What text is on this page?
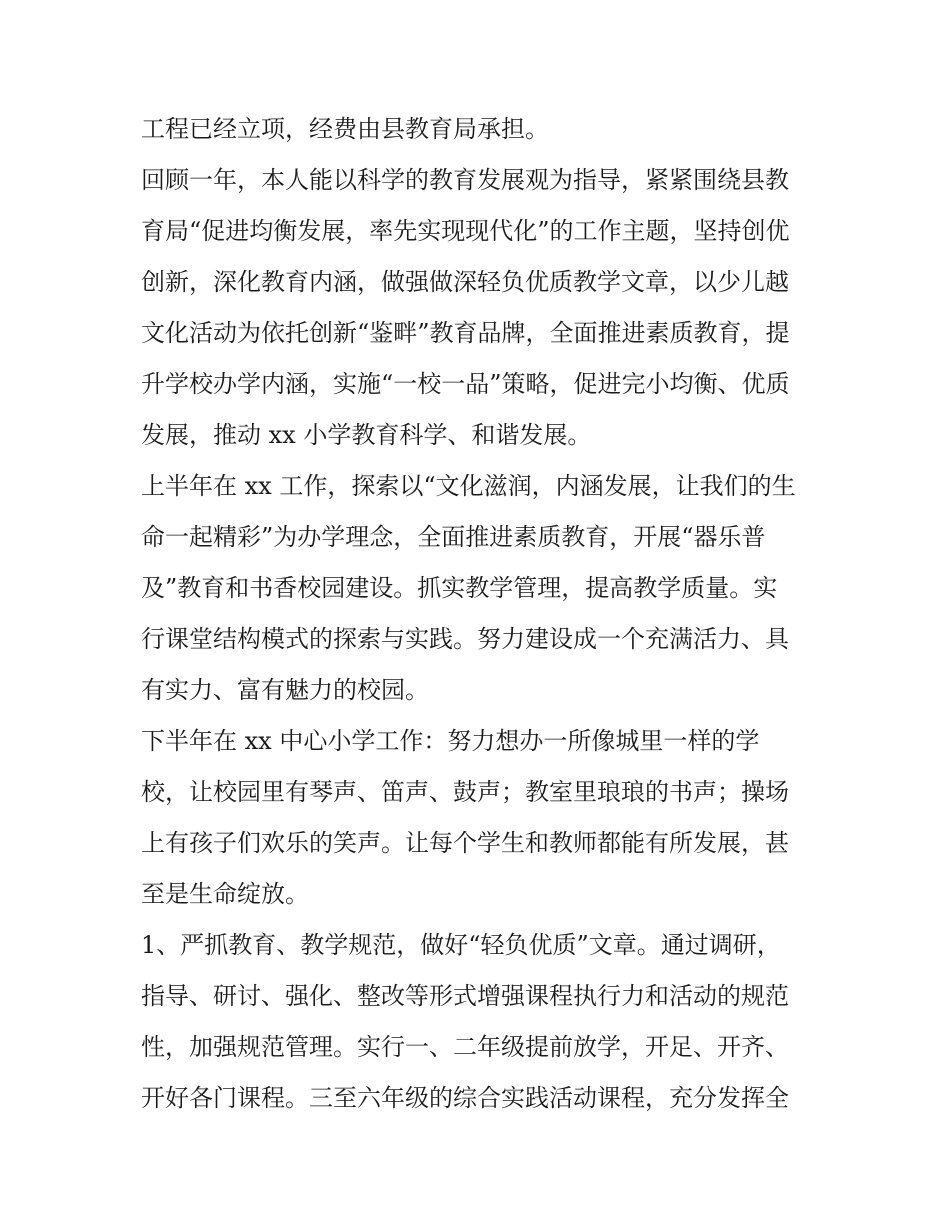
工程已经立项，经费由县教育局承担。
回顾一年，本人能以科学的教育发展观为指导，紧紧围绕县教
育局“促进均衡发展，率先实现现代化”的工作主题，坚持创优
创新，深化教育内涵，做强做深轻负优质教学文章，以少儿越
文化活动为依托创新“鉴畔”教育品牌，全面推进素质教育，提
升学校办学内涵，实施“一校一品”策略，促进完小均衡、优质
发展，推动 xx 小学教育科学、和谐发展。
上半年在 xx 工作，探索以“文化滋润，内涵发展，让我们的生
命一起精彩”为办学理念，全面推进素质教育，开展“器乐普
及”教育和书香校园建设。抓实教学管理，提高教学质量。实
行课堂结构模式的探索与实践。努力建设成一个充满活力、具
有实力、富有魅力的校园。
下半年在 xx 中心小学工作：努力想办一所像城里一样的学
校，让校园里有琴声、笛声、鼓声；教室里琅琅的书声；操场
上有孩子们欢乐的笑声。让每个学生和教师都能有所发展，甚
至是生命绽放。
1、严抓教育、教学规范，做好“轻负优质”文章。通过调研，
指导、研讨、强化、整改等形式增强课程执行力和活动的规范
性，加强规范管理。实行一、二年级提前放学，开足、开齐、
开好各门课程。三至六年级的综合实践活动课程，充分发挥全
